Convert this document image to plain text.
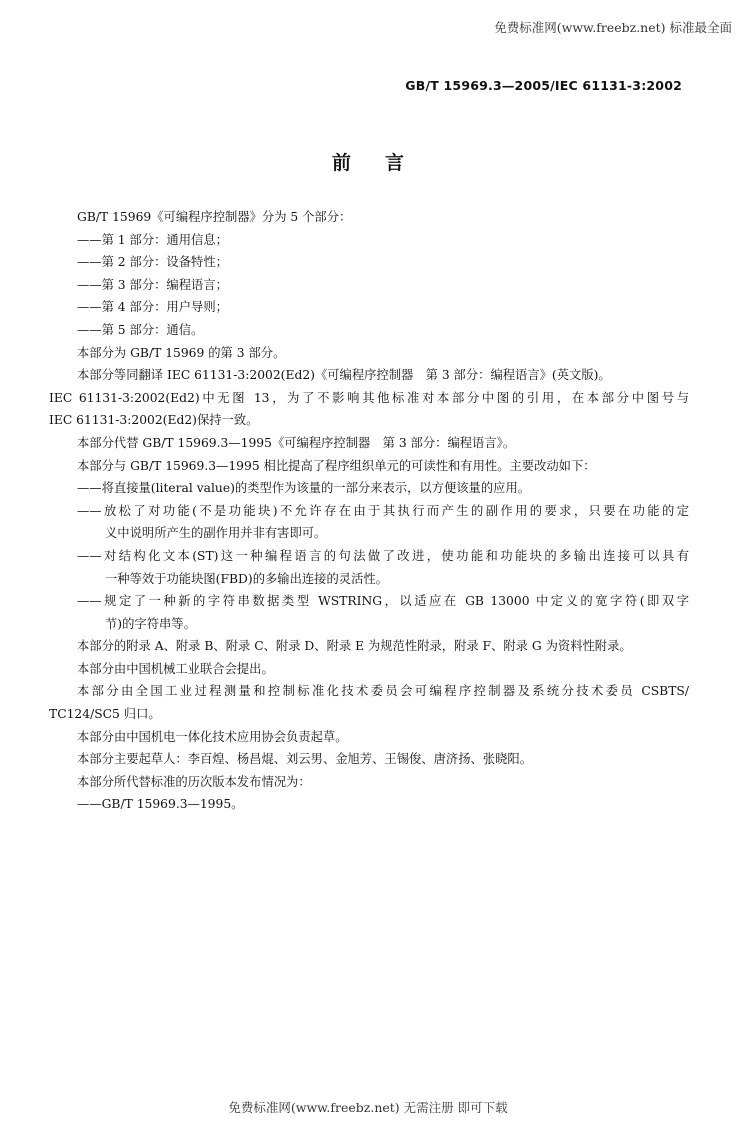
免费标准网(www.freebz.net) 标准最全面
GB/T 15969.3—2005/IEC 61131-3:2002
前言

GB/T 15969《可编程序控制器》分为 5 个部分：

——第 1 部分：通用信息；

——第 2 部分：设备特性；

——第 3 部分：编程语言；

——第 4 部分：用户导则；

——第 5 部分：通信。

本部分为 GB/T 15969 的第 3 部分。

本部分等同翻译 IEC 61131-3:2002(Ed2)《可编程序控制器　第 3 部分：编程语言》(英文版)。

IEC 61131-3:2002(Ed2)中无图 13，为了不影响其他标准对本部分中图的引用，在本部分中图号与

IEC 61131-3:2002(Ed2)保持一致。

本部分代替 GB/T 15969.3—1995《可编程序控制器　第 3 部分：编程语言》。

本部分与 GB/T 15969.3—1995 相比提高了程序组织单元的可读性和有用性。主要改动如下：

——将直接量(literal value)的类型作为该量的一部分来表示，以方便该量的应用。

——放松了对功能(不是功能块)不允许存在由于其执行而产生的副作用的要求，只要在功能的定

义中说明所产生的副作用并非有害即可。

——对结构化文本(ST)这一种编程语言的句法做了改进，使功能和功能块的多输出连接可以具有

一种等效于功能块图(FBD)的多输出连接的灵活性。

——规定了一种新的字符串数据类型 WSTRING，以适应在 GB 13000 中定义的宽字符(即双字

节)的字符串等。

本部分的附录 A、附录 B、附录 C、附录 D、附录 E 为规范性附录，附录 F、附录 G 为资料性附录。

本部分由中国机械工业联合会提出。

本部分由全国工业过程测量和控制标准化技术委员会可编程序控制器及系统分技术委员 CSBTS/

TC124/SC5 归口。

本部分由中国机电一体化技术应用协会负责起草。

本部分主要起草人：李百煌、杨昌焜、刘云男、金旭芳、王锡俊、唐济扬、张晓阳。

本部分所代替标准的历次版本发布情况为：

——GB/T 15969.3—1995。

免费标准网(www.freebz.net) 无需注册 即可下载
